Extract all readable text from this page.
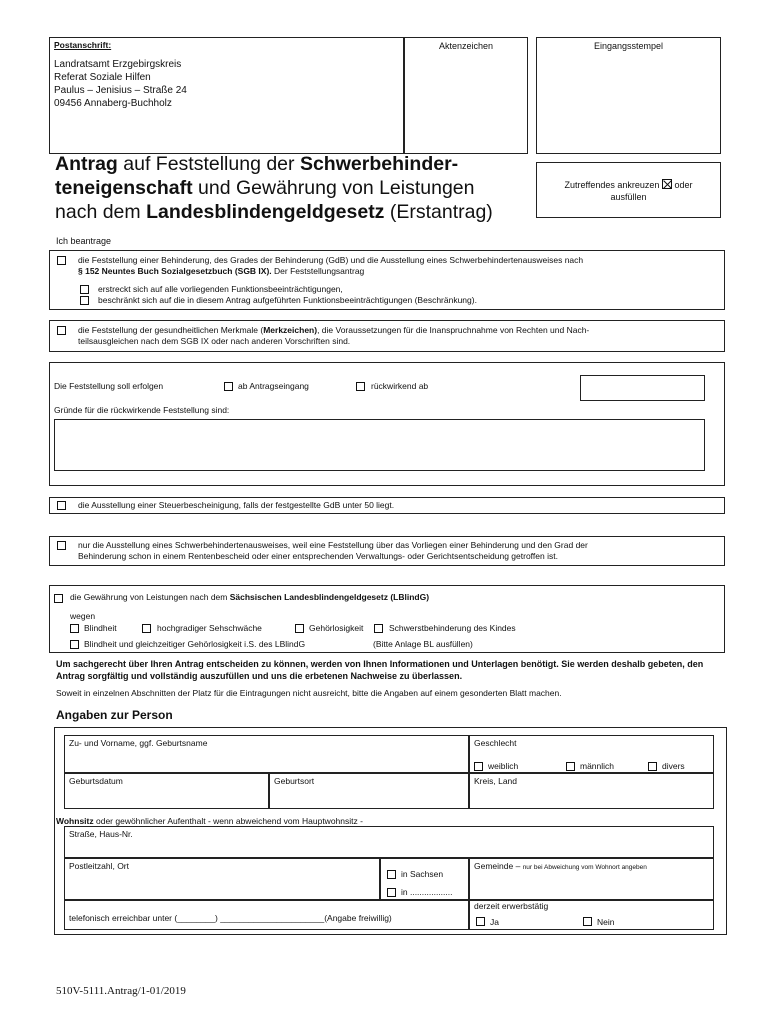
Postanschrift:
Landratsamt Erzgebirgskreis
Referat Soziale Hilfen
Paulus – Jenisius – Straße 24
09456 Annaberg-Buchholz
Aktenzeichen	Eingangsstempel
Antrag auf Feststellung der Schwerbehinder-
teneigenschaft und Gewährung von Leistungen
nach dem Landesblindengeldgesetz (Erstantrag)
Zutreffendes ankreuzen oder
ausfüllen
Ich beantrage
die Feststellung einer Behinderung, des Grades der Behinderung (GdB) und die Ausstellung eines Schwerbehindertenausweises nach
§ 152 Neuntes Buch Sozialgesetzbuch (SGB IX). Der Feststellungsantrag
erstreckt sich auf alle vorliegenden Funktionsbeeinträchtigungen,
beschränkt sich auf die in diesem Antrag aufgeführten Funktionsbeeinträchtigungen (Beschränkung).
die Feststellung der gesundheitlichen Merkmale (Merkzeichen), die Voraussetzungen für die Inanspruchnahme von Rechten und Nach-
teilsausgleichen nach dem SGB IX oder nach anderen Vorschriften sind.
Die Feststellung soll erfolgen	ab Antragseingang	rückwirkend ab
Gründe für die rückwirkende Feststellung sind:
die Ausstellung einer Steuerbescheinigung, falls der festgestellte GdB unter 50 liegt.
nur die Ausstellung eines Schwerbehindertenausweises, weil eine Feststellung über das Vorliegen einer Behinderung und den Grad der
Behinderung schon in einem Rentenbescheid oder einer entsprechenden Verwaltungs- oder Gerichtsentscheidung getroffen ist.
die Gewährung von Leistungen nach dem Sächsischen Landesblindengeldgesetz (LBlindG)
wegen
Blindheit	hochgradiger Sehschwäche	Gehörlosigkeit	Schwerstbehinderung des Kindes
Blindheit und gleichzeitiger Gehörlosigkeit i.S. des LBlindG	(Bitte Anlage BL ausfüllen)
Um sachgerecht über Ihren Antrag entscheiden zu können, werden von Ihnen Informationen und Unterlagen benötigt. Sie werden deshalb gebeten, den Antrag sorgfältig und vollständig auszufüllen und uns die erbetenen Nachweise zu überlassen.
Soweit in einzelnen Abschnitten der Platz für die Eintragungen nicht ausreicht, bitte die Angaben auf einem gesonderten Blatt machen.
Angaben zur Person
Zu- und Vorname, ggf. Geburtsname	Geschlecht
weiblich	männlich	divers
Geburtsdatum	Geburtsort	Kreis, Land
Wohnsitz oder gewöhnlicher Aufenthalt - wenn abweichend vom Hauptwohnsitz -
Straße, Haus-Nr.
Postleitzahl, Ort
in Sachsen
in ..................
Gemeinde – nur bei Abweichung vom Wohnort angeben
telefonisch erreichbar unter (________) ______________________(Angabe freiwillig)
derzeit erwerbstätig
Ja	Nein
510V-5111.Antrag/1-01/2019
